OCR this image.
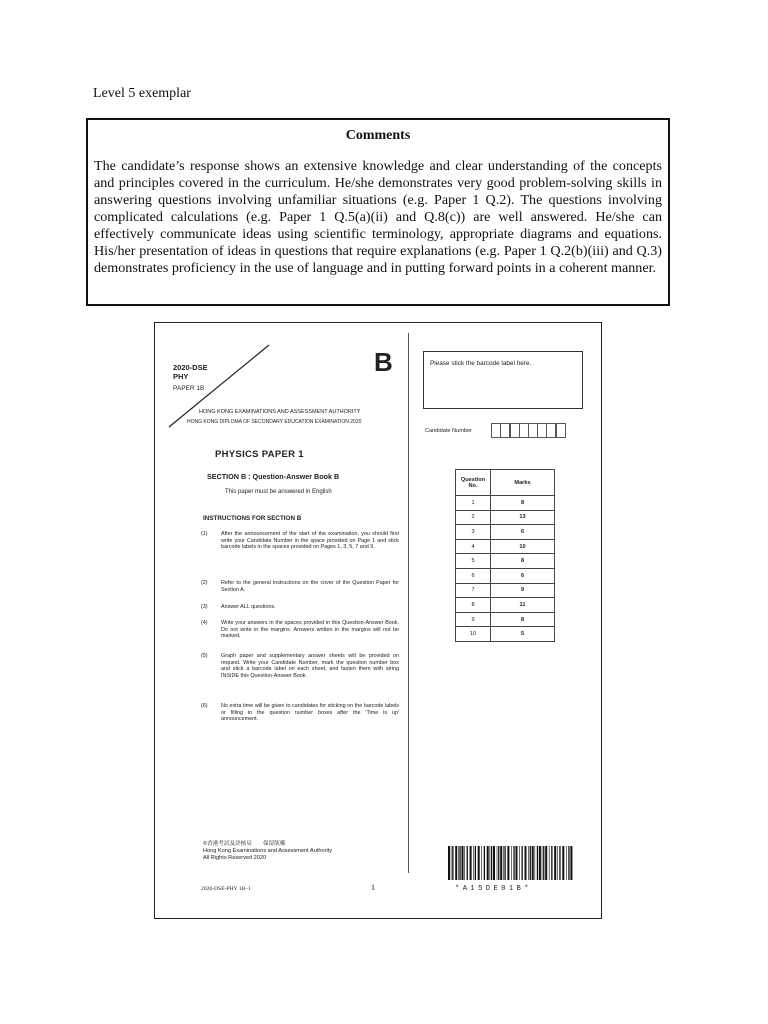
Level 5 exemplar
Comments
The candidate’s response shows an extensive knowledge and clear understanding of the concepts and principles covered in the curriculum. He/she demonstrates very good problem-solving skills in answering questions involving unfamiliar situations (e.g. Paper 1 Q.2). The questions involving complicated calculations (e.g. Paper 1 Q.5(a)(ii) and Q.8(c)) are well answered. He/she can effectively communicate ideas using scientific terminology, appropriate diagrams and equations. His/her presentation of ideas in questions that require explanations (e.g. Paper 1 Q.2(b)(iii) and Q.3) demonstrates proficiency in the use of language and in putting forward points in a coherent manner.
2020-DSE
PHY
PAPER 1B
B
HONG KONG EXAMINATIONS AND ASSESSMENT AUTHORITY
HONG KONG DIPLOMA OF SECONDARY EDUCATION EXAMINATION 2020
PHYSICS PAPER 1
SECTION B : Question-Answer Book B
This paper must be answered in English
INSTRUCTIONS FOR SECTION B
(1) After the announcement of the start of the examination, you should first write your Candidate Number in the space provided on Page 1 and stick barcode labels in the spaces provided on Pages 1, 3, 5, 7 and 9.
(2) Refer to the general instructions on the cover of the Question Paper for Section A.
(3) Answer ALL questions.
(4) Write your answers in the spaces provided in this Question-Answer Book. Do not write in the margins. Answers written in the margins will not be marked.
(5) Graph paper and supplementary answer sheets will be provided on request. Write your Candidate Number, mark the question number box and stick a barcode label on each sheet, and fasten them with string INSIDE this Question-Answer Book.
(6) No extra time will be given to candidates for sticking on the barcode labels or filling in the question number boxes after the 'Time is up' announcement.
©香港考試及評核局　　保留版權
Hong Kong Examinations and Assessment Authority
All Rights Reserved 2020
2020-DSE-PHY 1B–1	1
Please stick the barcode label here.
Candidate Number
Question No.	Marks
1	8
2	13
3	6
4	10
5	8
6	6
7	9
8	11
9	8
10	5
*A15DE01B*
